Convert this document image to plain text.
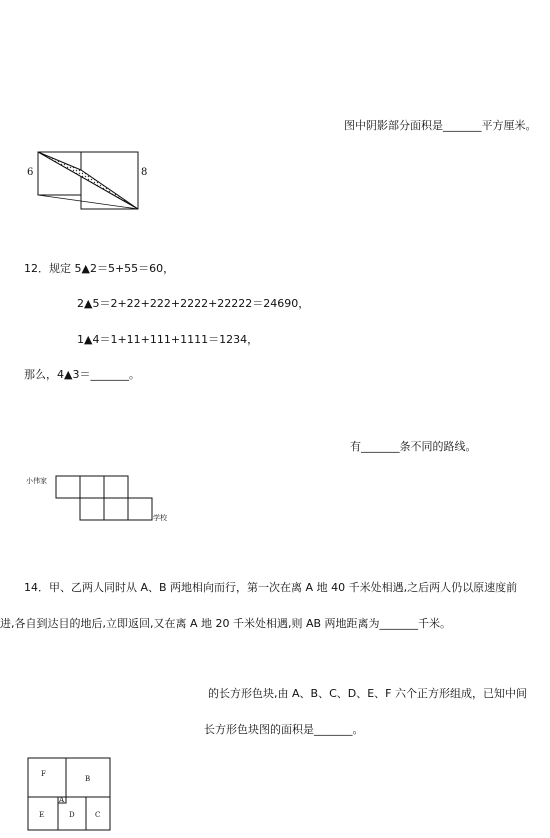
图中阴影部分面积是_______平方厘米。
6	8
12．规定 5▲2＝5+55＝60，
2▲5＝2+22+222+2222+22222＝24690，
1▲4＝1+11+111+1111＝1234，
那么，4▲3＝_______。
有_______条不同的路线。
小伟家
学校
14．甲、乙两人同时从 A、B 两地相向而行，第一次在离 A 地 40 千米处相遇,之后两人仍以原速度前
进,各自到达目的地后,立即返回,又在离 A 地 20 千米处相遇,则 AB 两地距离为_______千米。
的长方形色块,由 A、B、C、D、E、F 六个正方形组成，已知中间
长方形色块图的面积是_______。
F
B
A
E	D	C
